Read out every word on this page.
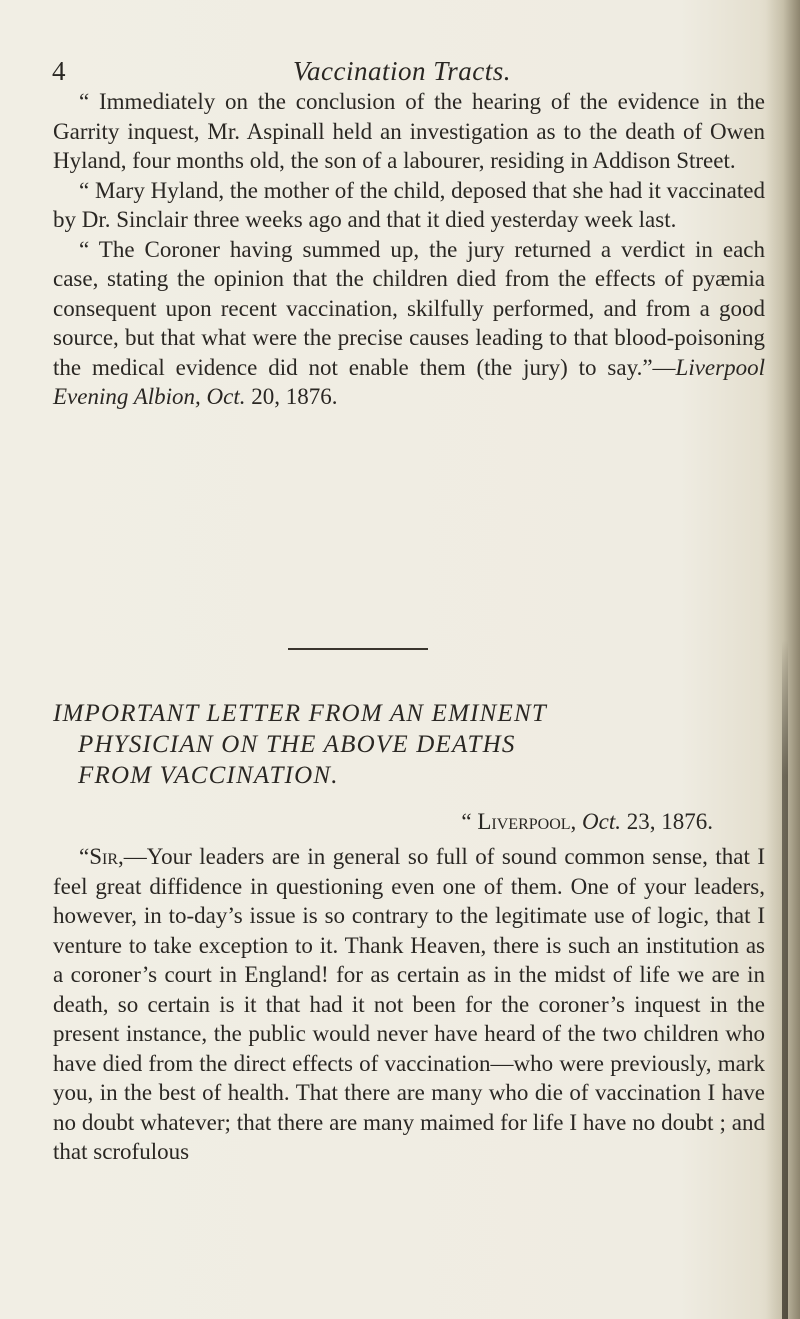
4	Vaccination Tracts.

“ Immediately on the conclusion of the hearing of the evidence in the Garrity inquest, Mr. Aspinall held an investigation as to the death of Owen Hyland, four months old, the son of a labourer, residing in Addison Street.

“ Mary Hyland, the mother of the child, deposed that she had it vaccinated by Dr. Sinclair three weeks ago and that it died yesterday week last.

“ The Coroner having summed up, the jury returned a verdict in each case, stating the opinion that the children died from the effects of pyæmia consequent upon recent vaccination, skilfully performed, and from a good source, but that what were the precise causes leading to that blood-poisoning the medical evidence did not enable them (the jury) to say.”—Liverpool Evening Albion, Oct. 20, 1876.

IMPORTANT LETTER FROM AN EMINENT
PHYSICIAN ON THE ABOVE DEATHS
FROM VACCINATION.
“ Liverpool, Oct. 23, 1876.

“Sir,—Your leaders are in general so full of sound common sense, that I feel great diffidence in questioning even one of them. One of your leaders, however, in to-day’s issue is so contrary to the legitimate use of logic, that I venture to take exception to it. Thank Heaven, there is such an institution as a coroner’s court in England! for as certain as in the midst of life we are in death, so certain is it that had it not been for the coroner’s inquest in the present instance, the public would never have heard of the two children who have died from the direct effects of vaccination—who were previously, mark you, in the best of health. That there are many who die of vaccination I have no doubt whatever; that there are many maimed for life I have no doubt ; and that scrofulous
